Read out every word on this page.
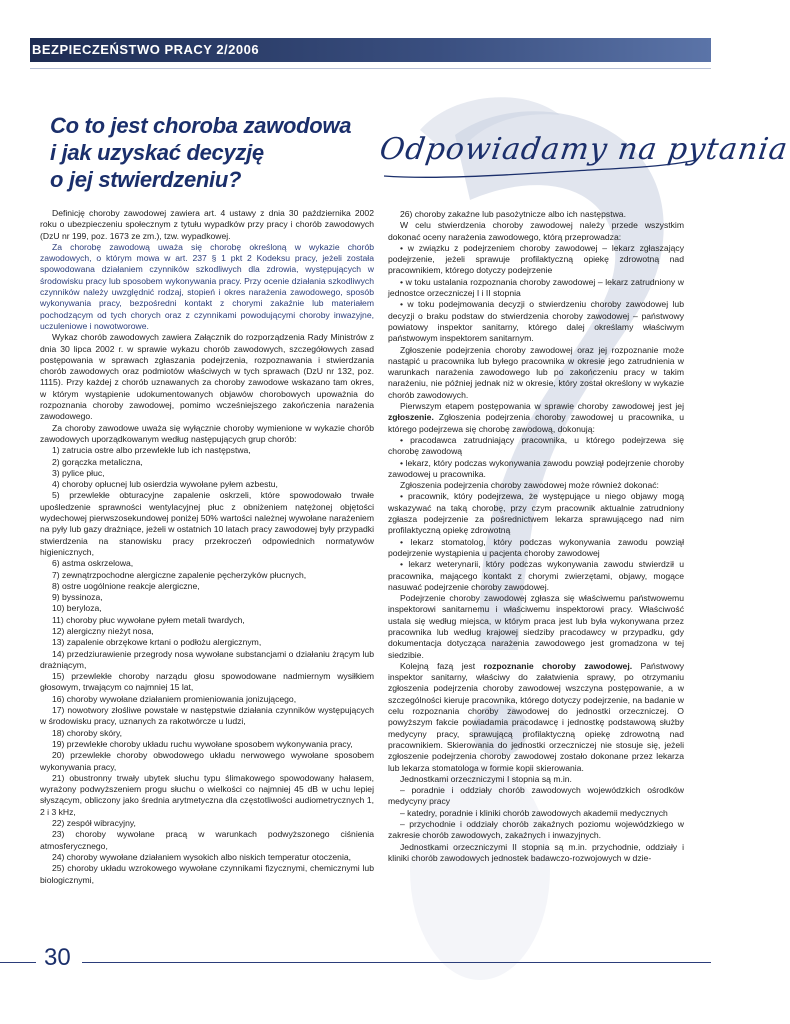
BEZPIECZEŃSTWO PRACY 2/2006
Co to jest choroba zawodowa
i jak uzyskać decyzję
o jej stwierdzeniu?
Odpowiadamy na pytania

Definicję choroby zawodowej zawiera art. 4 ustawy z dnia 30 października 2002 roku o ubezpieczeniu społecznym z tytułu wypadków przy pracy i chorób zawodowych (DzU nr 199, poz. 1673 ze zm.), tzw. wypadkowej.

Za chorobę zawodową uważa się chorobę określoną w wykazie chorób zawodowych, o którym mowa w art. 237 § 1 pkt 2 Kodeksu pracy, jeżeli została spowodowana działaniem czynników szkodliwych dla zdrowia, występujących w środowisku pracy lub sposobem wykonywania pracy. Przy ocenie działania szkodliwych czynników należy uwzględnić rodzaj, stopień i okres narażenia zawodowego, sposób wykonywania pracy, bezpośredni kontakt z chorymi zakaźnie lub materiałem pochodzącym od tych chorych oraz z czynnikami powodującymi choroby inwazyjne, uczuleniowe i nowotworowe.

Wykaz chorób zawodowych zawiera Załącznik do rozporządzenia Rady Ministrów z dnia 30 lipca 2002 r. w sprawie wykazu chorób zawodowych, szczegółowych zasad postępowania w sprawach zgłaszania podejrzenia, rozpoznawania i stwierdzania chorób zawodowych oraz podmiotów właściwych w tych sprawach (DzU nr 132, poz. 1115). Przy każdej z chorób uznawanych za choroby zawodowe wskazano tam okres, w którym wystąpienie udokumentowanych objawów chorobowych upoważnia do rozpoznania choroby zawodowej, pomimo wcześniejszego zakończenia narażenia zawodowego.

Za choroby zawodowe uważa się wyłącznie choroby wymienione w wykazie chorób zawodowych uporządkowanym według następujących grup chorób:

1) zatrucia ostre albo przewlekłe lub ich następstwa,

2) gorączka metaliczna,

3) pylice płuc,

4) choroby opłucnej lub osierdzia wywołane pyłem azbestu,

5) przewlekłe obturacyjne zapalenie oskrzeli, które spowodowało trwałe upośledzenie sprawności wentylacyjnej płuc z obniżeniem natężonej objętości wydechowej pierwszosekundowej poniżej 50% wartości należnej wywołane narażeniem na pyły lub gazy drażniące, jeżeli w ostatnich 10 latach pracy zawodowej były przypadki stwierdzenia na stanowisku pracy przekroczeń odpowiednich normatywów higienicznych,

6) astma oskrzelowa,

7) zewnątrzpochodne alergiczne zapalenie pęcherzyków płucnych,

8) ostre uogólnione reakcje alergiczne,

9) byssinoza,

10) beryloza,

11) choroby płuc wywołane pyłem metali twardych,

12) alergiczny nieżyt nosa,

13) zapalenie obrzękowe krtani o podłożu alergicznym,

14) przedziurawienie przegrody nosa wywołane substancjami o działaniu żrącym lub drażniącym,

15) przewlekłe choroby narządu głosu spowodowane nadmiernym wysiłkiem głosowym, trwającym co najmniej 15 lat,

16) choroby wywołane działaniem promieniowania jonizującego,

17) nowotwory złośliwe powstałe w następstwie działania czynników występujących w środowisku pracy, uznanych za rakotwórcze u ludzi,

18) choroby skóry,

19) przewlekłe choroby układu ruchu wywołane sposobem wykonywania pracy,

20) przewlekłe choroby obwodowego układu nerwowego wywołane sposobem wykonywania pracy,

21) obustronny trwały ubytek słuchu typu ślimakowego spowodowany hałasem, wyrażony podwyższeniem progu słuchu o wielkości co najmniej 45 dB w uchu lepiej słyszącym, obliczony jako średnia arytmetyczna dla częstotliwości audiometrycznych 1, 2 i 3 kHz,

22) zespół wibracyjny,

23) choroby wywołane pracą w warunkach podwyższonego ciśnienia atmosferycznego,

24) choroby wywołane działaniem wysokich albo niskich temperatur otoczenia,

25) choroby układu wzrokowego wywołane czynnikami fizycznymi, chemicznymi lub biologicznymi,

26) choroby zakaźne lub pasożytnicze albo ich następstwa.

W celu stwierdzenia choroby zawodowej należy przede wszystkim dokonać oceny narażenia zawodowego, którą przeprowadza:

• w związku z podejrzeniem choroby zawodowej – lekarz zgłaszający podejrzenie, jeżeli sprawuje profilaktyczną opiekę zdrowotną nad pracownikiem, którego dotyczy podejrzenie

• w toku ustalania rozpoznania choroby zawodowej – lekarz zatrudniony w jednostce orzeczniczej I i II stopnia

• w toku podejmowania decyzji o stwierdzeniu choroby zawodowej lub decyzji o braku podstaw do stwierdzenia choroby zawodowej – państwowy powiatowy inspektor sanitarny, którego dalej określamy właściwym państwowym inspektorem sanitarnym.

Zgłoszenie podejrzenia choroby zawodowej oraz jej rozpoznanie może nastąpić u pracownika lub byłego pracownika w okresie jego zatrudnienia w warunkach narażenia zawodowego lub po zakończeniu pracy w takim narażeniu, nie później jednak niż w okresie, który został określony w wykazie chorób zawodowych.

Pierwszym etapem postępowania w sprawie choroby zawodowej jest jej zgłoszenie. Zgłoszenia podejrzenia choroby zawodowej u pracownika, u którego podejrzewa się chorobę zawodową, dokonują:

• pracodawca zatrudniający pracownika, u którego podejrzewa się chorobę zawodową

• lekarz, który podczas wykonywania zawodu powziął podejrzenie choroby zawodowej u pracownika.

Zgłoszenia podejrzenia choroby zawodowej może również dokonać:

• pracownik, który podejrzewa, że występujące u niego objawy mogą wskazywać na taką chorobę, przy czym pracownik aktualnie zatrudniony zgłasza podejrzenie za pośrednictwem lekarza sprawującego nad nim profilaktyczną opiekę zdrowotną

• lekarz stomatolog, który podczas wykonywania zawodu powziął podejrzenie wystąpienia u pacjenta choroby zawodowej

• lekarz weterynarii, który podczas wykonywania zawodu stwierdził u pracownika, mającego kontakt z chorymi zwierzętami, objawy, mogące nasuwać podejrzenie choroby zawodowej.

Podejrzenie choroby zawodowej zgłasza się właściwemu państwowemu inspektorowi sanitarnemu i właściwemu inspektorowi pracy. Właściwość ustala się według miejsca, w którym praca jest lub była wykonywana przez pracownika lub według krajowej siedziby pracodawcy w przypadku, gdy dokumentacja dotycząca narażenia zawodowego jest gromadzona w tej siedzibie.

Kolejną fazą jest rozpoznanie choroby zawodowej. Państwowy inspektor sanitarny, właściwy do załatwienia sprawy, po otrzymaniu zgłoszenia podejrzenia choroby zawodowej wszczyna postępowanie, a w szczególności kieruje pracownika, którego dotyczy podejrzenie, na badanie w celu rozpoznania choroby zawodowej do jednostki orzeczniczej. O powyższym fakcie powiadamia pracodawcę i jednostkę podstawową służby medycyny pracy, sprawującą profilaktyczną opiekę zdrowotną nad pracownikiem. Skierowania do jednostki orzeczniczej nie stosuje się, jeżeli zgłoszenie podejrzenia choroby zawodowej zostało dokonane przez lekarza lub lekarza stomatologa w formie kopii skierowania.

Jednostkami orzeczniczymi I stopnia są m.in.

– poradnie i oddziały chorób zawodowych wojewódzkich ośrodków medycyny pracy

– katedry, poradnie i kliniki chorób zawodowych akademii medycznych

– przychodnie i oddziały chorób zakaźnych poziomu wojewódzkiego w zakresie chorób zawodowych, zakaźnych i inwazyjnych.

Jednostkami orzeczniczymi II stopnia są m.in. przychodnie, oddziały i kliniki chorób zawodowych jednostek badawczo-rozwojowych w dzie-

30
